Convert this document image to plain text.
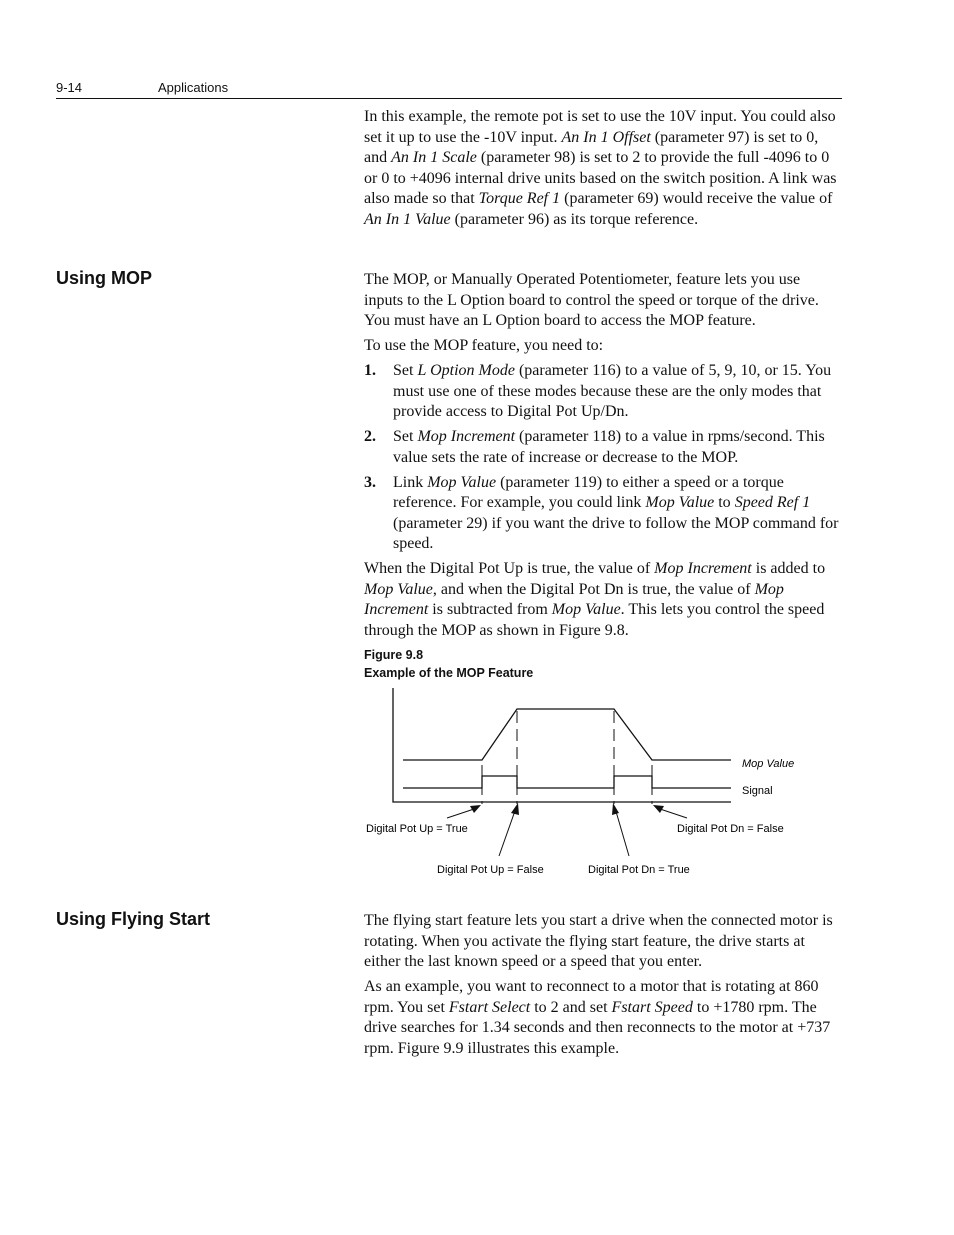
9-14	Applications

In this example, the remote pot is set to use the 10V input. You could also set it up to use the -10V input. An In 1 Offset (parameter 97) is set to 0, and An In 1 Scale (parameter 98) is set to 2 to provide the full -4096 to 0 or 0 to +4096 internal drive units based on the switch position. A link was also made so that Torque Ref 1 (parameter 69) would receive the value of An In 1 Value (parameter 96) as its torque reference.

Using MOP	The MOP, or Manually Operated Potentiometer, feature lets you use inputs to the L Option board to control the speed or torque of the drive. You must have an L Option board to access the MOP feature.

To use the MOP feature, you need to:

1. Set L Option Mode (parameter 116) to a value of 5, 9, 10, or 15. You must use one of these modes because these are the only modes that provide access to Digital Pot Up/Dn.
2. Set Mop Increment (parameter 118) to a value in rpms/second. This value sets the rate of increase or decrease to the MOP.
3. Link Mop Value (parameter 119) to either a speed or a torque reference. For example, you could link Mop Value to Speed Ref 1 (parameter 29) if you want the drive to follow the MOP command for speed.

When the Digital Pot Up is true, the value of Mop Increment is added to Mop Value, and when the Digital Pot Dn is true, the value of Mop Increment is subtracted from Mop Value. This lets you control the speed through the MOP as shown in Figure 9.8.

Figure 9.8
Example of the MOP Feature
Mop Value
Signal
Digital Pot Up = True	Digital Pot Dn = False
Digital Pot Up = False	Digital Pot Dn = True
Using Flying Start	The flying start feature lets you start a drive when the connected motor is rotating. When you activate the flying start feature, the drive starts at either the last known speed or a speed that you enter.

As an example, you want to reconnect to a motor that is rotating at 860 rpm. You set Fstart Select to 2 and set Fstart Speed to +1780 rpm. The drive searches for 1.34 seconds and then reconnects to the motor at +737 rpm. Figure 9.9 illustrates this example.
